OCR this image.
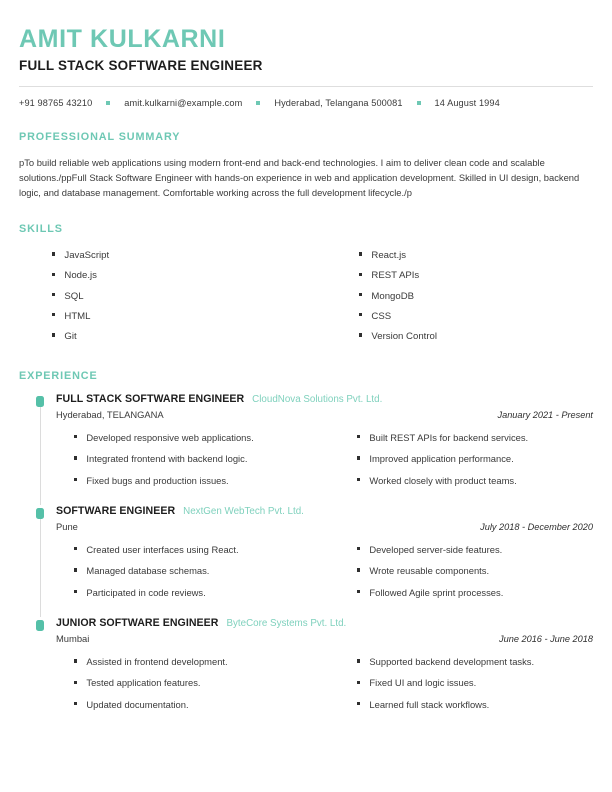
AMIT KULKARNI
FULL STACK SOFTWARE ENGINEER
+91 98765 43210	amit.kulkarni@example.com	Hyderabad, Telangana 500081	14 August 1994
PROFESSIONAL SUMMARY
pTo build reliable web applications using modern front-end and back-end technologies. I aim to deliver clean code and scalable solutions./ppFull Stack Software Engineer with hands-on experience in web and application development. Skilled in UI design, backend logic, and database management. Comfortable working across the full development lifecycle./p
SKILLS
JavaScript
Node.js
SQL
HTML
Git
React.js
REST APIs
MongoDB
CSS
Version Control
EXPERIENCE
FULL STACK SOFTWARE ENGINEER CloudNova Solutions Pvt. Ltd.
Hyderabad, TELANGANA	January 2021 - Present
Developed responsive web applications.
Integrated frontend with backend logic.
Fixed bugs and production issues.
Built REST APIs for backend services.
Improved application performance.
Worked closely with product teams.
SOFTWARE ENGINEER NextGen WebTech Pvt. Ltd.
Pune	July 2018 - December 2020
Created user interfaces using React.
Managed database schemas.
Participated in code reviews.
Developed server-side features.
Wrote reusable components.
Followed Agile sprint processes.
JUNIOR SOFTWARE ENGINEER ByteCore Systems Pvt. Ltd.
Mumbai	June 2016 - June 2018
Assisted in frontend development.
Tested application features.
Updated documentation.
Supported backend development tasks.
Fixed UI and logic issues.
Learned full stack workflows.
